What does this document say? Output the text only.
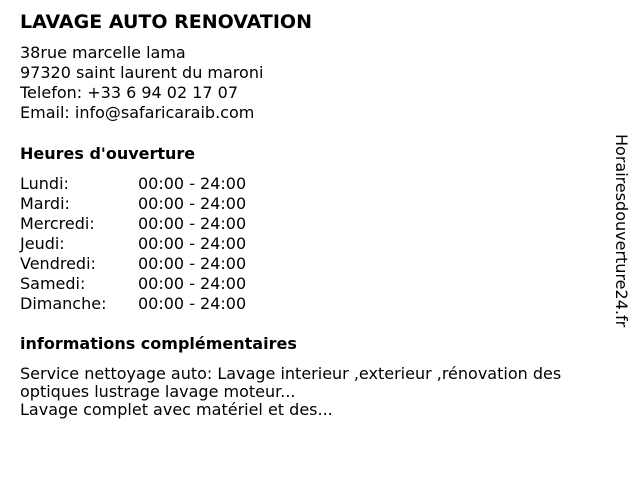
LAVAGE AUTO RENOVATION
38rue marcelle lama
97320 saint laurent du maroni
Telefon: +33 6 94 02 17 07
Email: info@safaricaraib.com
Heures d'ouverture
Lundi:	00:00 - 24:00
Mardi:	00:00 - 24:00
Mercredi:	00:00 - 24:00
Jeudi:	00:00 - 24:00
Vendredi:	00:00 - 24:00
Samedi:	00:00 - 24:00
Dimanche: 00:00 - 24:00
informations complémentaires
Service nettoyage auto: Lavage interieur ,exterieur ,rénovation des
optiques lustrage lavage moteur...
Lavage complet avec matériel et des...
Horairesdouverture24.fr
